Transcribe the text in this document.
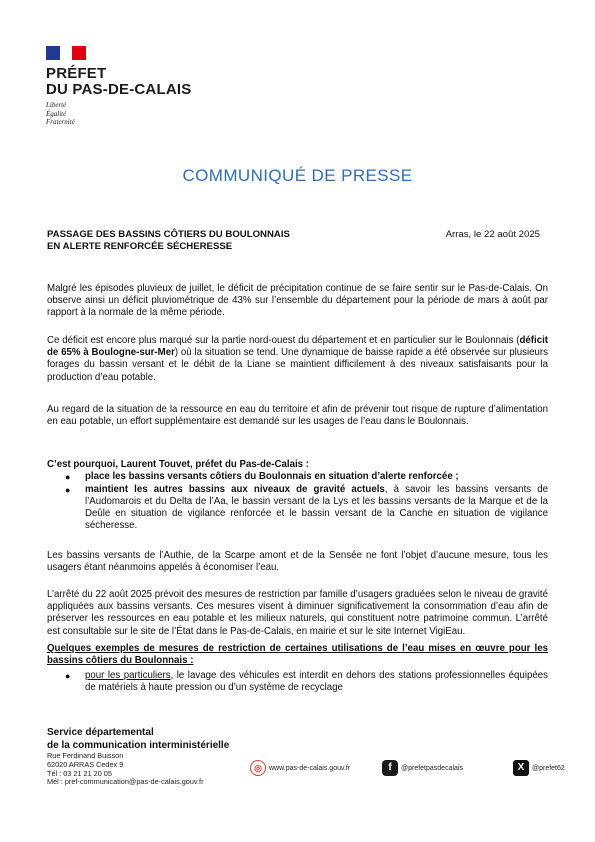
PRÉFET
DU PAS-DE-CALAIS
Liberté
Égalité
Fraternité
COMMUNIQUÉ DE PRESSE
PASSAGE DES BASSINS CÔTIERS DU BOULONNAIS
EN ALERTE RENFORCÉE SÉCHERESSE
Arras, le 22 août 2025
Malgré les épisodes pluvieux de juillet, le déficit de précipitation continue de se faire sentir sur le Pas-de-Calais. On observe ainsi un déficit pluviométrique de 43% sur l’ensemble du département pour la période de mars à août par rapport à la normale de la même période.
Ce déficit est encore plus marqué sur la partie nord-ouest du département et en particulier sur le Boulonnais (déficit de 65% à Boulogne-sur-Mer) où la situation se tend. Une dynamique de baisse rapide a été observée sur plusieurs forages du bassin versant et le débit de la Liane se maintient difficilement à des niveaux satisfaisants pour la production d’eau potable.
Au regard de la situation de la ressource en eau du territoire et afin de prévenir tout risque de rupture d’alimentation en eau potable, un effort supplémentaire est demandé sur les usages de l’eau dans le Boulonnais.
C’est pourquoi, Laurent Touvet, préfet du Pas-de-Calais :
● place les bassins versants côtiers du Boulonnais en situation d’alerte renforcée ;
● maintient les autres bassins aux niveaux de gravité actuels, à savoir les bassins versants de l’Audomarois et du Delta de l’Aa, le bassin versant de la Lys et les bassins versants de la Marque et de la Deûle en situation de vigilance renforcée et le bassin versant de la Canche en situation de vigilance sécheresse.
Les bassins versants de l’Authie, de la Scarpe amont et de la Sensée ne font l’objet d’aucune mesure, tous les usagers étant néanmoins appelés à économiser l’eau.
L’arrêté du 22 août 2025 prévoit des mesures de restriction par famille d’usagers graduées selon le niveau de gravité appliquées aux bassins versants. Ces mesures visent à diminuer significativement la consommation d’eau afin de préserver les ressources en eau potable et les milieux naturels, qui constituent notre patrimoine commun. L’arrêté est consultable sur le site de l’État dans le Pas-de-Calais, en mairie et sur le site Internet VigiEau.
Quelques exemples de mesures de restriction de certaines utilisations de l’eau mises en œuvre pour les bassins côtiers du Boulonnais :
● pour les particuliers, le lavage des véhicules est interdit en dehors des stations professionnelles équipées de matériels à haute pression ou d’un système de recyclage
Service départemental
de la communication interministérielle
Rue Ferdinand Buisson
62020 ARRAS Cedex 9
Tél : 03 21 21 20 05
Mél : pref-communication@pas-de-calais.gouv.fr
◎	www.pas-de-calais.gouv.fr	f	@prefetpasdecalais	X	@prefet62
